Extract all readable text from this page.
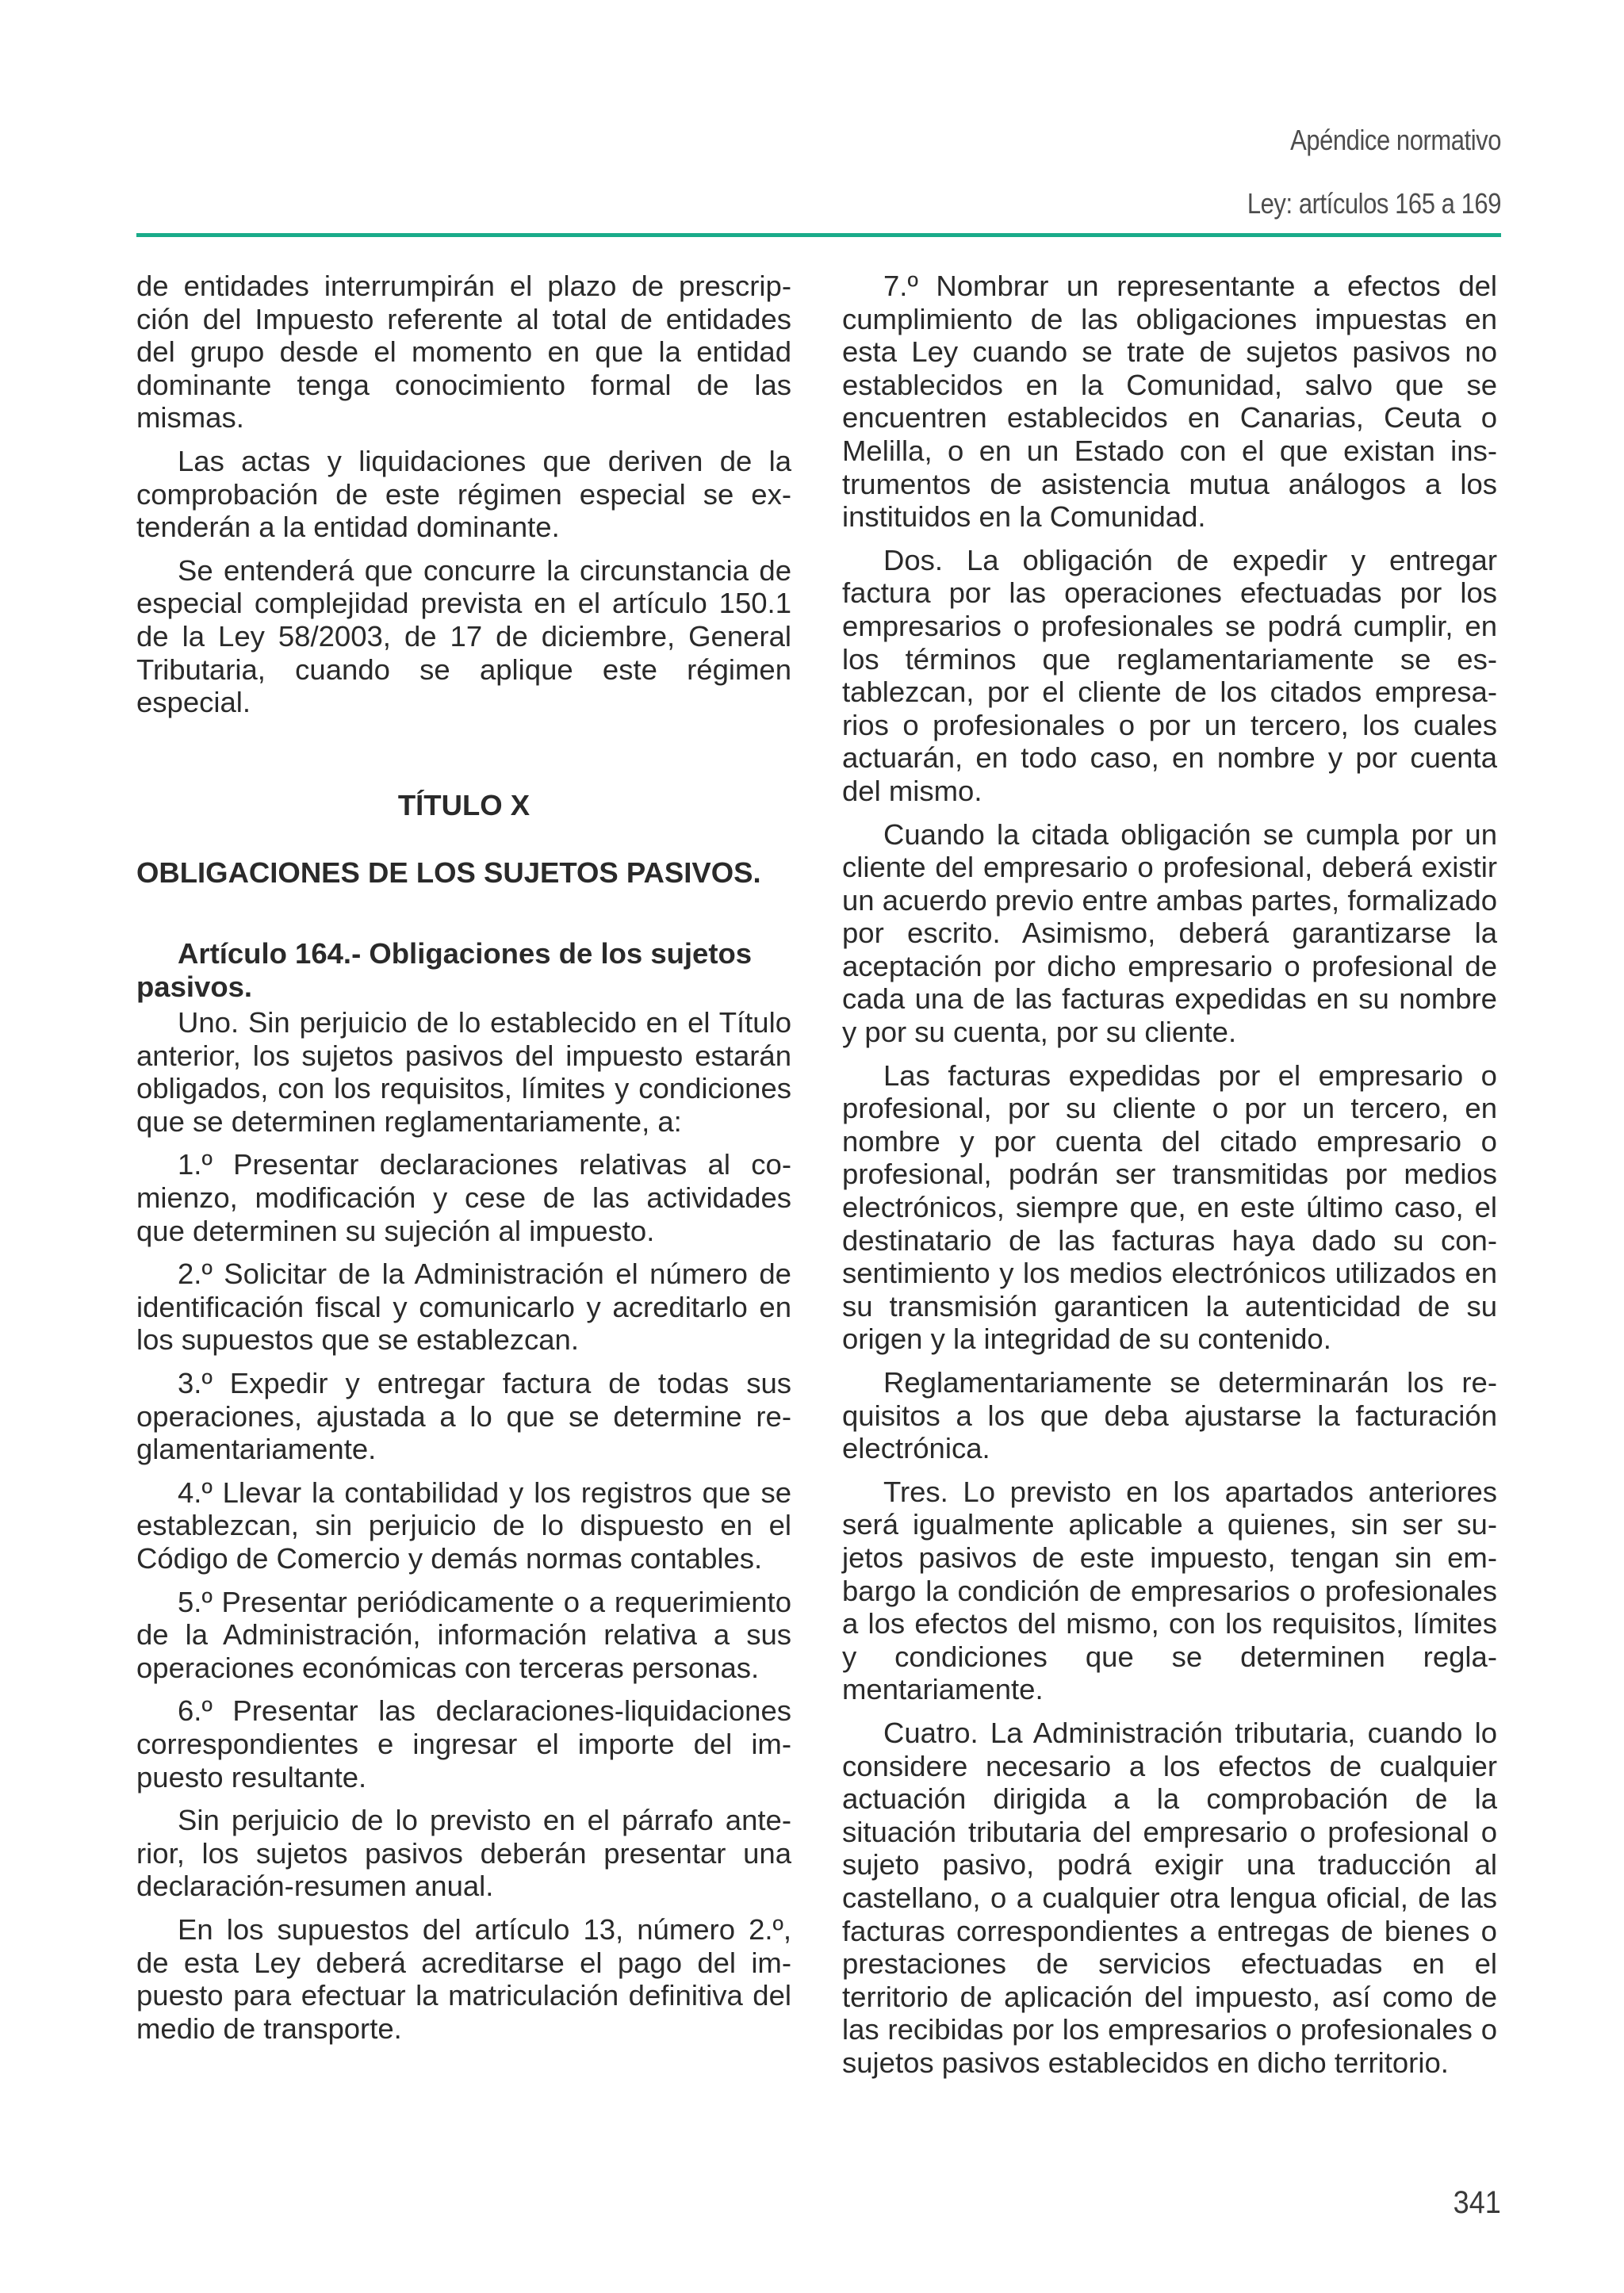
Apéndice normativo
Ley: artículos 165 a 169

de entidades interrumpirán el plazo de prescripción del Impuesto referente al total de entidades del grupo desde el momento en que la entidad dominante tenga conocimiento formal de las mismas.

Las actas y liquidaciones que deriven de la comprobación de este régimen especial se extenderán a la entidad dominante.

Se entenderá que concurre la circunstancia de especial complejidad prevista en el artículo 150.1 de la Ley 58/2003, de 17 de diciembre, General Tributaria, cuando se aplique este régimen especial.

TÍTULO X

OBLIGACIONES DE LOS SUJETOS PASIVOS.

Artículo 164.- Obligaciones de los sujetos pasivos.

Uno. Sin perjuicio de lo establecido en el Título anterior, los sujetos pasivos del impuesto estarán obligados, con los requisitos, límites y condiciones que se determinen reglamentariamente, a:

1.º Presentar declaraciones relativas al comienzo, modificación y cese de las actividades que determinen su sujeción al impuesto.

2.º Solicitar de la Administración el número de identificación fiscal y comunicarlo y acreditarlo en los supuestos que se establezcan.

3.º Expedir y entregar factura de todas sus operaciones, ajustada a lo que se determine reglamentariamente.

4.º Llevar la contabilidad y los registros que se establezcan, sin perjuicio de lo dispuesto en el Código de Comercio y demás normas contables.

5.º Presentar periódicamente o a requerimiento de la Administración, información relativa a sus operaciones económicas con terceras personas.

6.º Presentar las declaraciones-liquidaciones correspondientes e ingresar el importe del impuesto resultante.

Sin perjuicio de lo previsto en el párrafo anterior, los sujetos pasivos deberán presentar una declaración-resumen anual.

En los supuestos del artículo 13, número 2.º, de esta Ley deberá acreditarse el pago del impuesto para efectuar la matriculación definitiva del medio de transporte.

7.º Nombrar un representante a efectos del cumplimiento de las obligaciones impuestas en esta Ley cuando se trate de sujetos pasivos no establecidos en la Comunidad, salvo que se encuentren establecidos en Canarias, Ceuta o Melilla, o en un Estado con el que existan instrumentos de asistencia mutua análogos a los instituidos en la Comunidad.

Dos. La obligación de expedir y entregar factura por las operaciones efectuadas por los empresarios o profesionales se podrá cumplir, en los términos que reglamentariamente se establezcan, por el cliente de los citados empresarios o profesionales o por un tercero, los cuales actuarán, en todo caso, en nombre y por cuenta del mismo.

Cuando la citada obligación se cumpla por un cliente del empresario o profesional, deberá existir un acuerdo previo entre ambas partes, formalizado por escrito. Asimismo, deberá garantizarse la aceptación por dicho empresario o profesional de cada una de las facturas expedidas en su nombre y por su cuenta, por su cliente.

Las facturas expedidas por el empresario o profesional, por su cliente o por un tercero, en nombre y por cuenta del citado empresario o profesional, podrán ser transmitidas por medios electrónicos, siempre que, en este último caso, el destinatario de las facturas haya dado su consentimiento y los medios electrónicos utilizados en su transmisión garanticen la autenticidad de su origen y la integridad de su contenido.

Reglamentariamente se determinarán los requisitos a los que deba ajustarse la facturación electrónica.

Tres. Lo previsto en los apartados anteriores será igualmente aplicable a quienes, sin ser sujetos pasivos de este impuesto, tengan sin embargo la condición de empresarios o profesionales a los efectos del mismo, con los requisitos, límites y condiciones que se determinen reglamentariamente.

Cuatro. La Administración tributaria, cuando lo considere necesario a los efectos de cualquier actuación dirigida a la comprobación de la situación tributaria del empresario o profesional o sujeto pasivo, podrá exigir una traducción al castellano, o a cualquier otra lengua oficial, de las facturas correspondientes a entregas de bienes o prestaciones de servicios efectuadas en el territorio de aplicación del impuesto, así como de las recibidas por los empresarios o profesionales o sujetos pasivos establecidos en dicho territorio.

341
